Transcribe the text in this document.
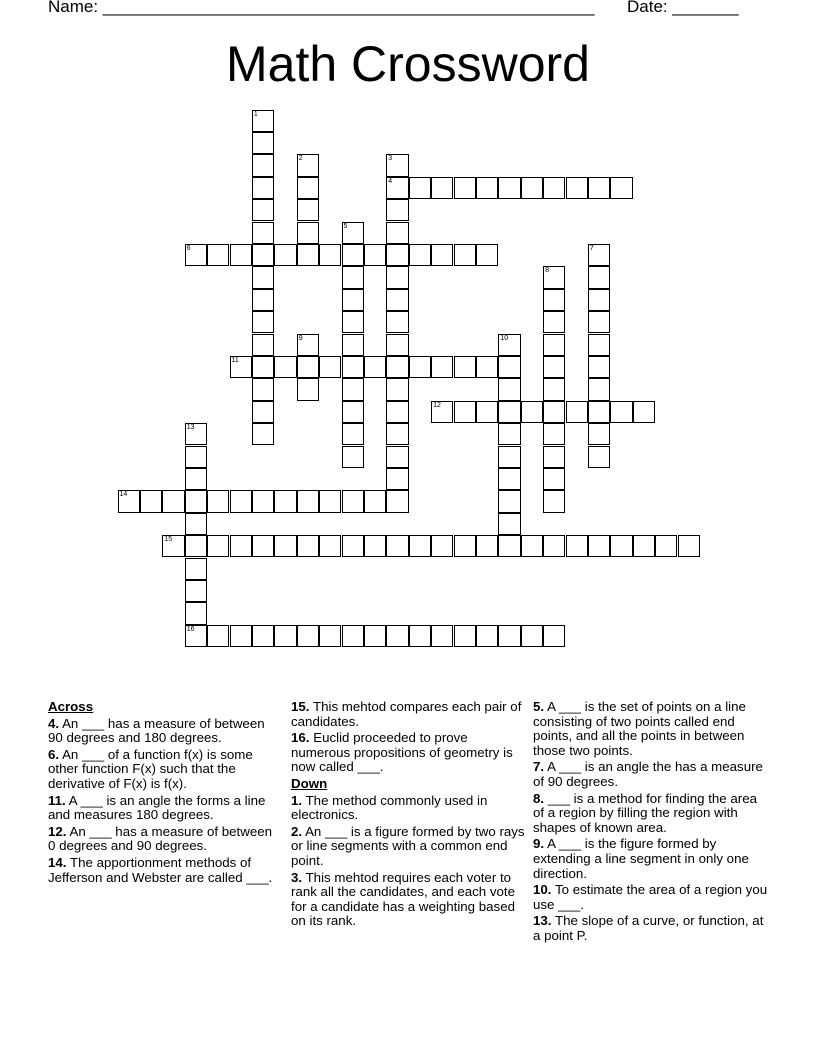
Name: ____________________________________________________ Date: _______
Math Crossword
1
2	3
4
5
6	7
8
9	10
11
12
13
16
14
15
Across
4. An ___ has a measure of between 90 degrees and 180 degrees.
6. An ___ of a function f(x) is some other function F(x) such that the derivative of F(x) is f(x).
11. A ___ is an angle the forms a line and measures 180 degrees.
12. An ___ has a measure of between 0 degrees and 90 degrees.
14. The apportionment methods of Jefferson and Webster are called ___.
15. This mehtod compares each pair of candidates.
16. Euclid proceeded to prove numerous propositions of geometry is now called ___.
Down
1. The method commonly used in electronics.
2. An ___ is a figure formed by two rays or line segments with a common end point.
3. This mehtod requires each voter to rank all the candidates, and each vote for a candidate has a weighting based on its rank.
5. A ___ is the set of points on a line consisting of two points called end points, and all the points in between those two points.
7. A ___ is an angle the has a measure of 90 degrees.
8. ___ is a method for finding the area of a region by filling the region with shapes of known area.
9. A ___ is the figure formed by extending a line segment in only one direction.
10. To estimate the area of a region you use ___.
13. The slope of a curve, or function, at a point P.
